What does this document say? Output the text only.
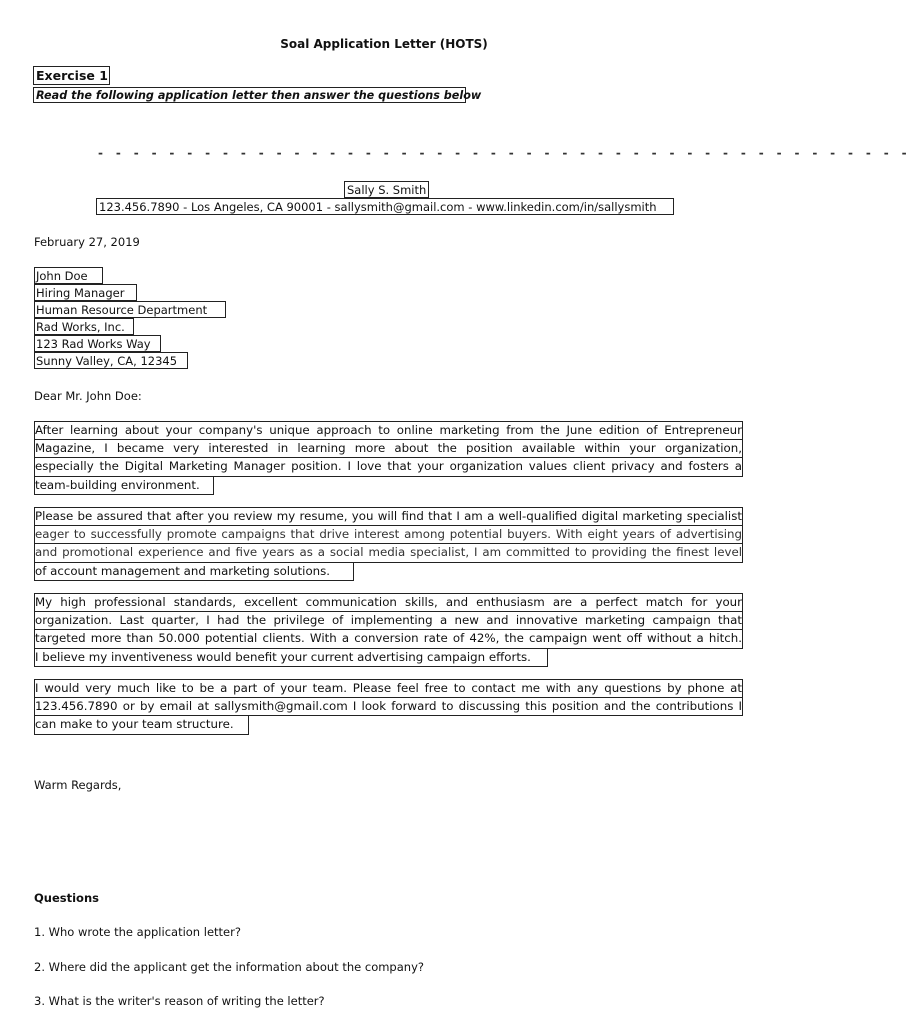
Soal Application Letter (HOTS)
Exercise 1
Read the following application letter then answer the questions below
- - - - - - - - - - - - - - - - - - - - - - - - - - - - - - - - - - - - - - - - - - - - - -
Sally S. Smith
123.456.7890 - Los Angeles, CA 90001 - sallysmith@gmail.com - www.linkedin.com/in/sallysmith
February 27, 2019
John Doe
Hiring Manager
Human Resource Department
Rad Works, Inc.
123 Rad Works Way
Sunny Valley, CA, 12345
Dear Mr. John Doe:
After learning about your company's unique approach to online marketing from the June edition of Entrepreneur
Magazine, I became very interested in learning more about the position available within your organization,
especially the Digital Marketing Manager position. I love that your organization values client privacy and fosters a
team-building environment.
Please be assured that after you review my resume, you will find that I am a well-qualified digital marketing specialist
eager to successfully promote campaigns that drive interest among potential buyers. With eight years of advertising
and promotional experience and five years as a social media specialist, I am committed to providing the finest level
of account management and marketing solutions.
My high professional standards, excellent communication skills, and enthusiasm are a perfect match for your
organization. Last quarter, I had the privilege of implementing a new and innovative marketing campaign that
targeted more than 50.000 potential clients. With a conversion rate of 42%, the campaign went off without a hitch.
I believe my inventiveness would benefit your current advertising campaign efforts.
I would very much like to be a part of your team. Please feel free to contact me with any questions by phone at
123.456.7890 or by email at sallysmith@gmail.com I look forward to discussing this position and the contributions I
can make to your team structure.
Warm Regards,
Questions
1. Who wrote the application letter?
2. Where did the applicant get the information about the company?
3. What is the writer's reason of writing the letter?
